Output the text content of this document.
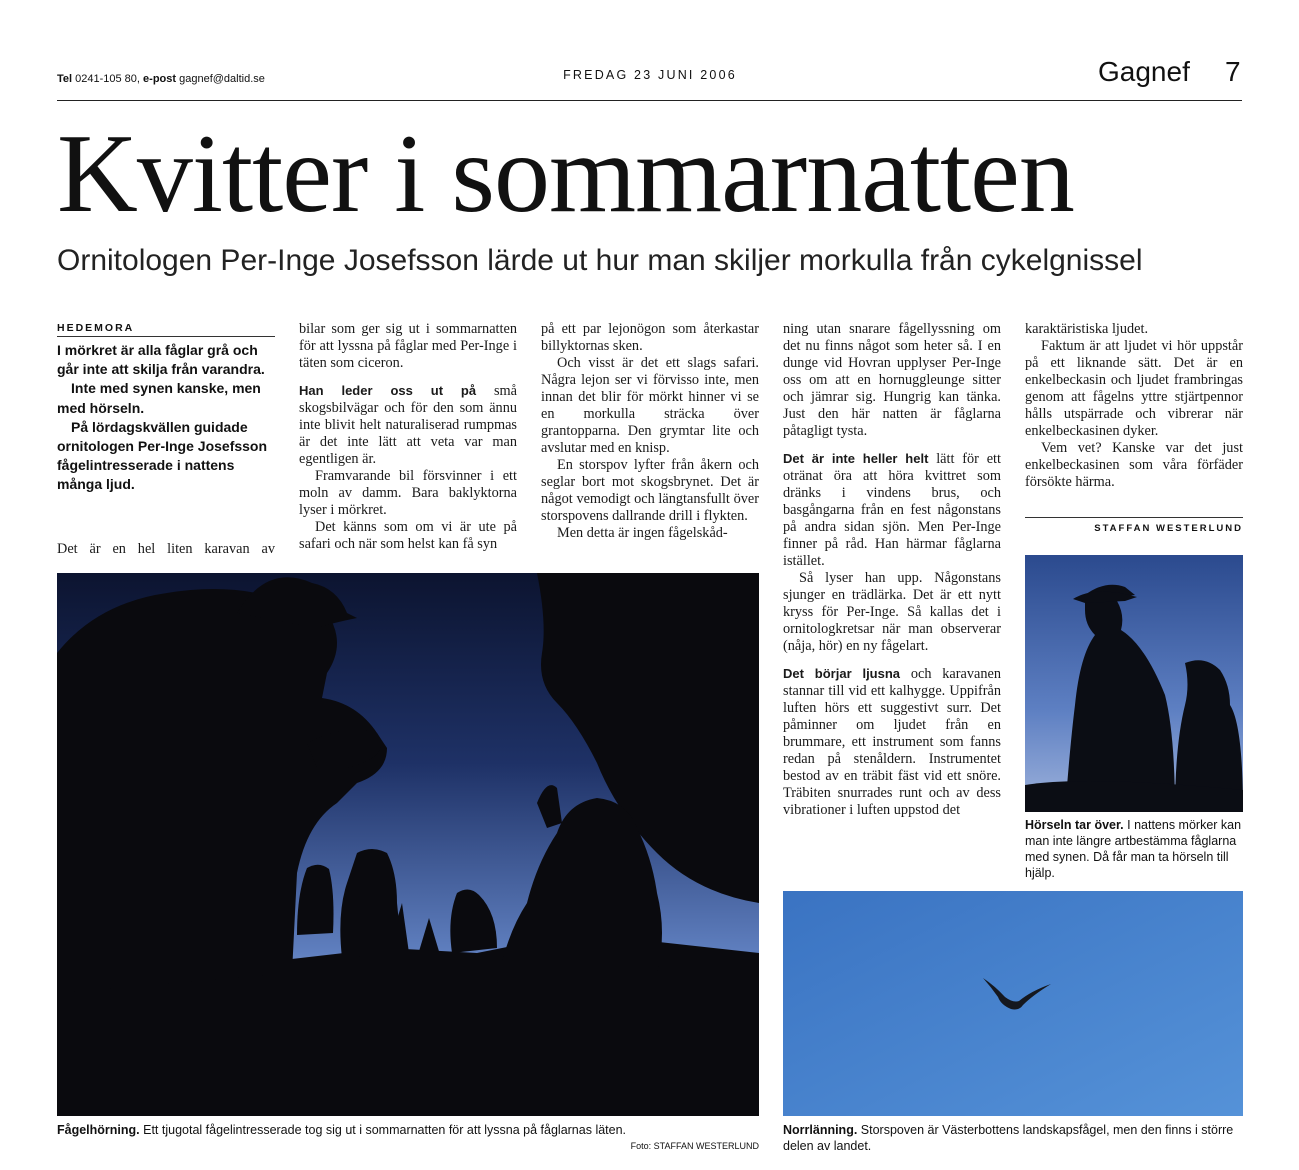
Tel 0241-105 80, e-post gagnef@daltid.se	FREDAG 23 JUNI 2006	Gagnef 7
Kvitter i sommarnatten
Ornitologen Per-Inge Josefsson lärde ut hur man skiljer morkulla från cykelgnissel
HEDEMORA

I mörkret är alla fåglar grå och går inte att skilja från varandra.

Inte med synen kanske, men med hörseln.

På lördagskvällen guidade ornitologen Per-Inge Josefsson fågelintresserade i nattens många ljud.

Det är en hel liten karavan av

bilar som ger sig ut i sommarnatten för att lyssna på fåglar med Per-Inge i täten som ciceron.

Han leder oss ut på små skogsbilvägar och för den som ännu inte blivit helt naturaliserad rumpmas är det inte lätt att veta var man egentligen är.

Framvarande bil försvinner i ett moln av damm. Bara baklyktorna lyser i mörkret.

Det känns som om vi är ute på safari och när som helst kan få syn

på ett par lejonögon som återkastar billyktornas sken.

Och visst är det ett slags safari. Några lejon ser vi förvisso inte, men innan det blir för mörkt hinner vi se en morkulla sträcka över grantopparna. Den grymtar lite och avslutar med en knisp.

En storspov lyfter från åkern och seglar bort mot skogsbrynet. Det är något vemodigt och längtansfullt över storspovens dallrande drill i flykten.

Men detta är ingen fågelskåd-

ning utan snarare fågellyssning om det nu finns något som heter så. I en dunge vid Hovran upplyser Per-Inge oss om att en hornuggleunge sitter och jämrar sig. Hungrig kan tänka. Just den här natten är fåglarna påtagligt tysta.

Det är inte heller helt lätt för ett otränat öra att höra kvittret som dränks i vindens brus, och basgångarna från en fest någonstans på andra sidan sjön. Men Per-Inge finner på råd. Han härmar fåglarna istället.

Så lyser han upp. Någonstans sjunger en trädlärka. Det är ett nytt kryss för Per-Inge. Så kallas det i ornitologkretsar när man observerar (nåja, hör) en ny fågelart.

Det börjar ljusna och karavanen stannar till vid ett kalhygge. Uppifrån luften hörs ett suggestivt surr. Det påminner om ljudet från en brummare, ett instrument som fanns redan på stenåldern. Instrumentet bestod av en träbit fäst vid ett snöre. Träbiten snurrades runt och av dess vibrationer i luften uppstod det

karaktäristiska ljudet.

Faktum är att ljudet vi hör uppstår på ett liknande sätt. Det är en enkelbeckasin och ljudet frambringas genom att fågelns yttre stjärtpennor hålls utspärrade och vibrerar när enkelbeckasinen dyker.

Vem vet? Kanske var det just enkelbeckasinen som våra förfäder försökte härma.

STAFFAN WESTERLUND
Fågelhörning. Ett tjugotal fågelintresserade tog sig ut i sommarnatten för att lyssna på fåglarnas läten.
Foto: STAFFAN WESTERLUND
Hörseln tar över. I nattens mörker kan man inte längre artbestämma fåglarna med synen. Då får man ta hörseln till hjälp.
Norrlänning. Storspoven är Västerbottens landskapsfågel, men den finns i större delen av landet.
